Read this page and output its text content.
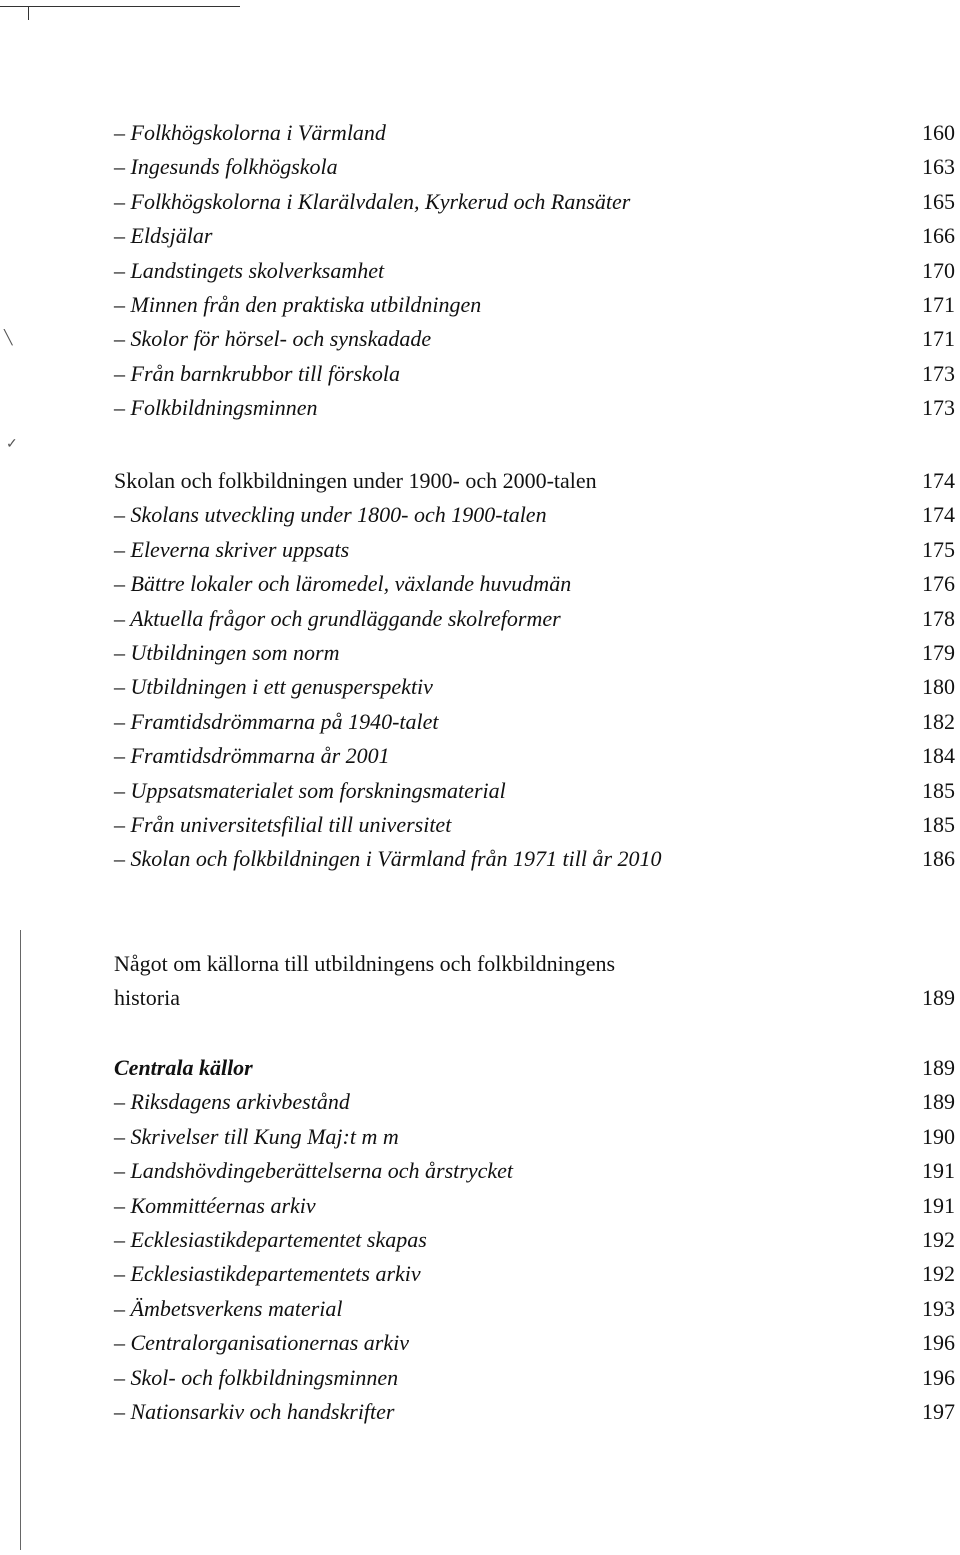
╲
✓
– Folkhögskolorna i Värmland	160
– Ingesunds folkhögskola	163
– Folkhögskolorna i Klarälvdalen, Kyrkerud och Ransäter	165
– Eldsjälar	166
– Landstingets skolverksamhet	170
– Minnen från den praktiska utbildningen	171
– Skolor för hörsel- och synskadade	171
– Från barnkrubbor till förskola	173
– Folkbildningsminnen	173
Skolan och folkbildningen under 1900- och 2000-talen	174
– Skolans utveckling under 1800- och 1900-talen	174
– Eleverna skriver uppsats	175
– Bättre lokaler och läromedel, växlande huvudmän	176
– Aktuella frågor och grundläggande skolreformer	178
– Utbildningen som norm	179
– Utbildningen i ett genusperspektiv	180
– Framtidsdrömmarna på 1940-talet	182
– Framtidsdrömmarna år 2001	184
– Uppsatsmaterialet som forskningsmaterial	185
– Från universitetsfilial till universitet	185
– Skolan och folkbildningen i Värmland från 1971 till år 2010	186
Något om källorna till utbildningens och folkbildningens historia	189
Centrala källor	189
– Riksdagens arkivbestånd	189
– Skrivelser till Kung Maj:t m m	190
– Landshövdingeberättelserna och årstrycket	191
– Kommittéernas arkiv	191
– Ecklesiastikdepartementet skapas	192
– Ecklesiastikdepartementets arkiv	192
– Ämbetsverkens material	193
– Centralorganisationernas arkiv	196
– Skol- och folkbildningsminnen	196
– Nationsarkiv och handskrifter	197
